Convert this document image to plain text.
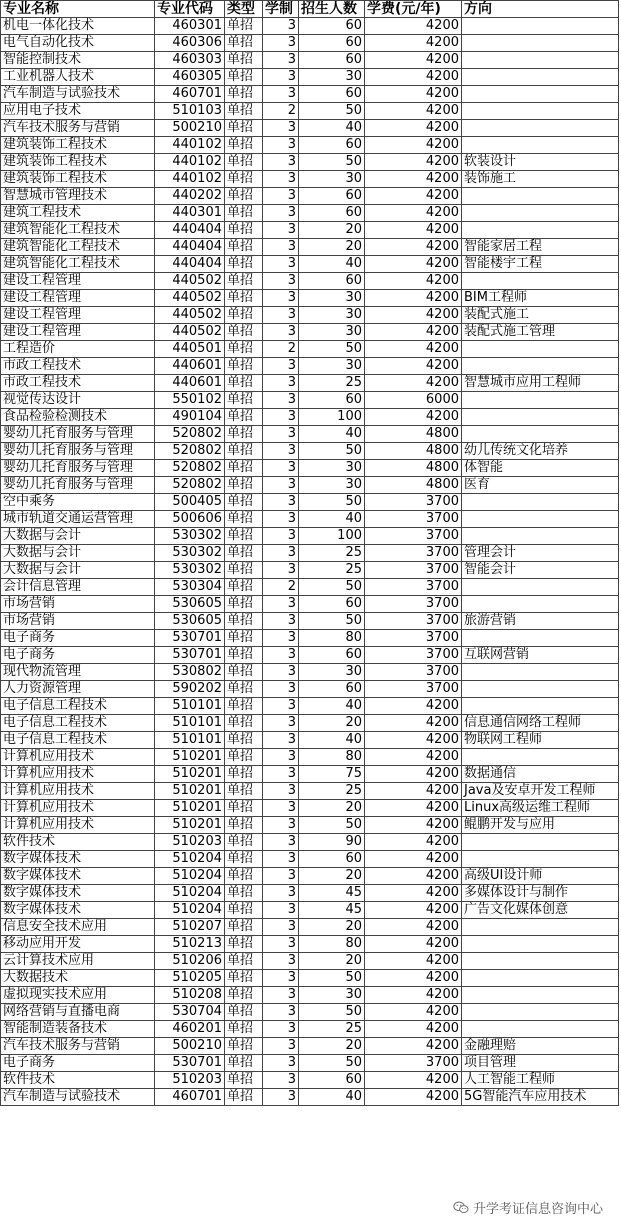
专业名称	专业代码	类型	学制	招生人数	学费(元/年)	方向
机电一体化技术	460301	单招	3	60	4200	
电气自动化技术	460306	单招	3	60	4200	
智能控制技术	460303	单招	3	60	4200	
工业机器人技术	460305	单招	3	30	4200	
汽车制造与试验技术	460701	单招	3	60	4200	
应用电子技术	510103	单招	2	50	4200	
汽车技术服务与营销	500210	单招	3	40	4200	
建筑装饰工程技术	440102	单招	3	60	4200	
建筑装饰工程技术	440102	单招	3	50	4200	软装设计
建筑装饰工程技术	440102	单招	3	30	4200	装饰施工
智慧城市管理技术	440202	单招	3	60	4200	
建筑工程技术	440301	单招	3	60	4200	
建筑智能化工程技术	440404	单招	3	20	4200	
建筑智能化工程技术	440404	单招	3	20	4200	智能家居工程
建筑智能化工程技术	440404	单招	3	40	4200	智能楼宇工程
建设工程管理	440502	单招	3	60	4200	
建设工程管理	440502	单招	3	30	4200	BIM工程师
建设工程管理	440502	单招	3	30	4200	装配式施工
建设工程管理	440502	单招	3	30	4200	装配式施工管理
工程造价	440501	单招	2	50	4200	
市政工程技术	440601	单招	3	30	4200	
市政工程技术	440601	单招	3	25	4200	智慧城市应用工程师
视觉传达设计	550102	单招	3	60	6000	
食品检验检测技术	490104	单招	3	100	4200	
婴幼儿托育服务与管理	520802	单招	3	40	4800	
婴幼儿托育服务与管理	520802	单招	3	50	4800	幼儿传统文化培养
婴幼儿托育服务与管理	520802	单招	3	30	4800	体智能
婴幼儿托育服务与管理	520802	单招	3	30	4800	医育
空中乘务	500405	单招	3	50	3700	
城市轨道交通运营管理	500606	单招	3	40	3700	
大数据与会计	530302	单招	3	100	3700	
大数据与会计	530302	单招	3	25	3700	管理会计
大数据与会计	530302	单招	3	25	3700	智能会计
会计信息管理	530304	单招	2	50	3700	
市场营销	530605	单招	3	60	3700	
市场营销	530605	单招	3	50	3700	旅游营销
电子商务	530701	单招	3	80	3700	
电子商务	530701	单招	3	60	3700	互联网营销
现代物流管理	530802	单招	3	30	3700	
人力资源管理	590202	单招	3	60	3700	
电子信息工程技术	510101	单招	3	40	4200	
电子信息工程技术	510101	单招	3	20	4200	信息通信网络工程师
电子信息工程技术	510101	单招	3	40	4200	物联网工程师
计算机应用技术	510201	单招	3	80	4200	
计算机应用技术	510201	单招	3	75	4200	数据通信
计算机应用技术	510201	单招	3	25	4200	Java及安卓开发工程师
计算机应用技术	510201	单招	3	20	4200	Linux高级运维工程师
计算机应用技术	510201	单招	3	50	4200	鲲鹏开发与应用
软件技术	510203	单招	3	90	4200	
数字媒体技术	510204	单招	3	60	4200	
数字媒体技术	510204	单招	3	20	4200	高级UI设计师
数字媒体技术	510204	单招	3	45	4200	多媒体设计与制作
数字媒体技术	510204	单招	3	45	4200	广告文化媒体创意
信息安全技术应用	510207	单招	3	20	4200	
移动应用开发	510213	单招	3	80	4200	
云计算技术应用	510206	单招	3	20	4200	
大数据技术	510205	单招	3	50	4200	
虚拟现实技术应用	510208	单招	3	30	4200	
网络营销与直播电商	530704	单招	3	50	4200	
智能制造装备技术	460201	单招	3	25	4200	
汽车技术服务与营销	500210	单招	3	20	4200	金融理赔
电子商务	530701	单招	3	50	3700	项目管理
软件技术	510203	单招	3	60	4200	人工智能工程师
汽车制造与试验技术	460701	单招	3	40	4200	5G智能汽车应用技术
升学考证信息咨询中心
